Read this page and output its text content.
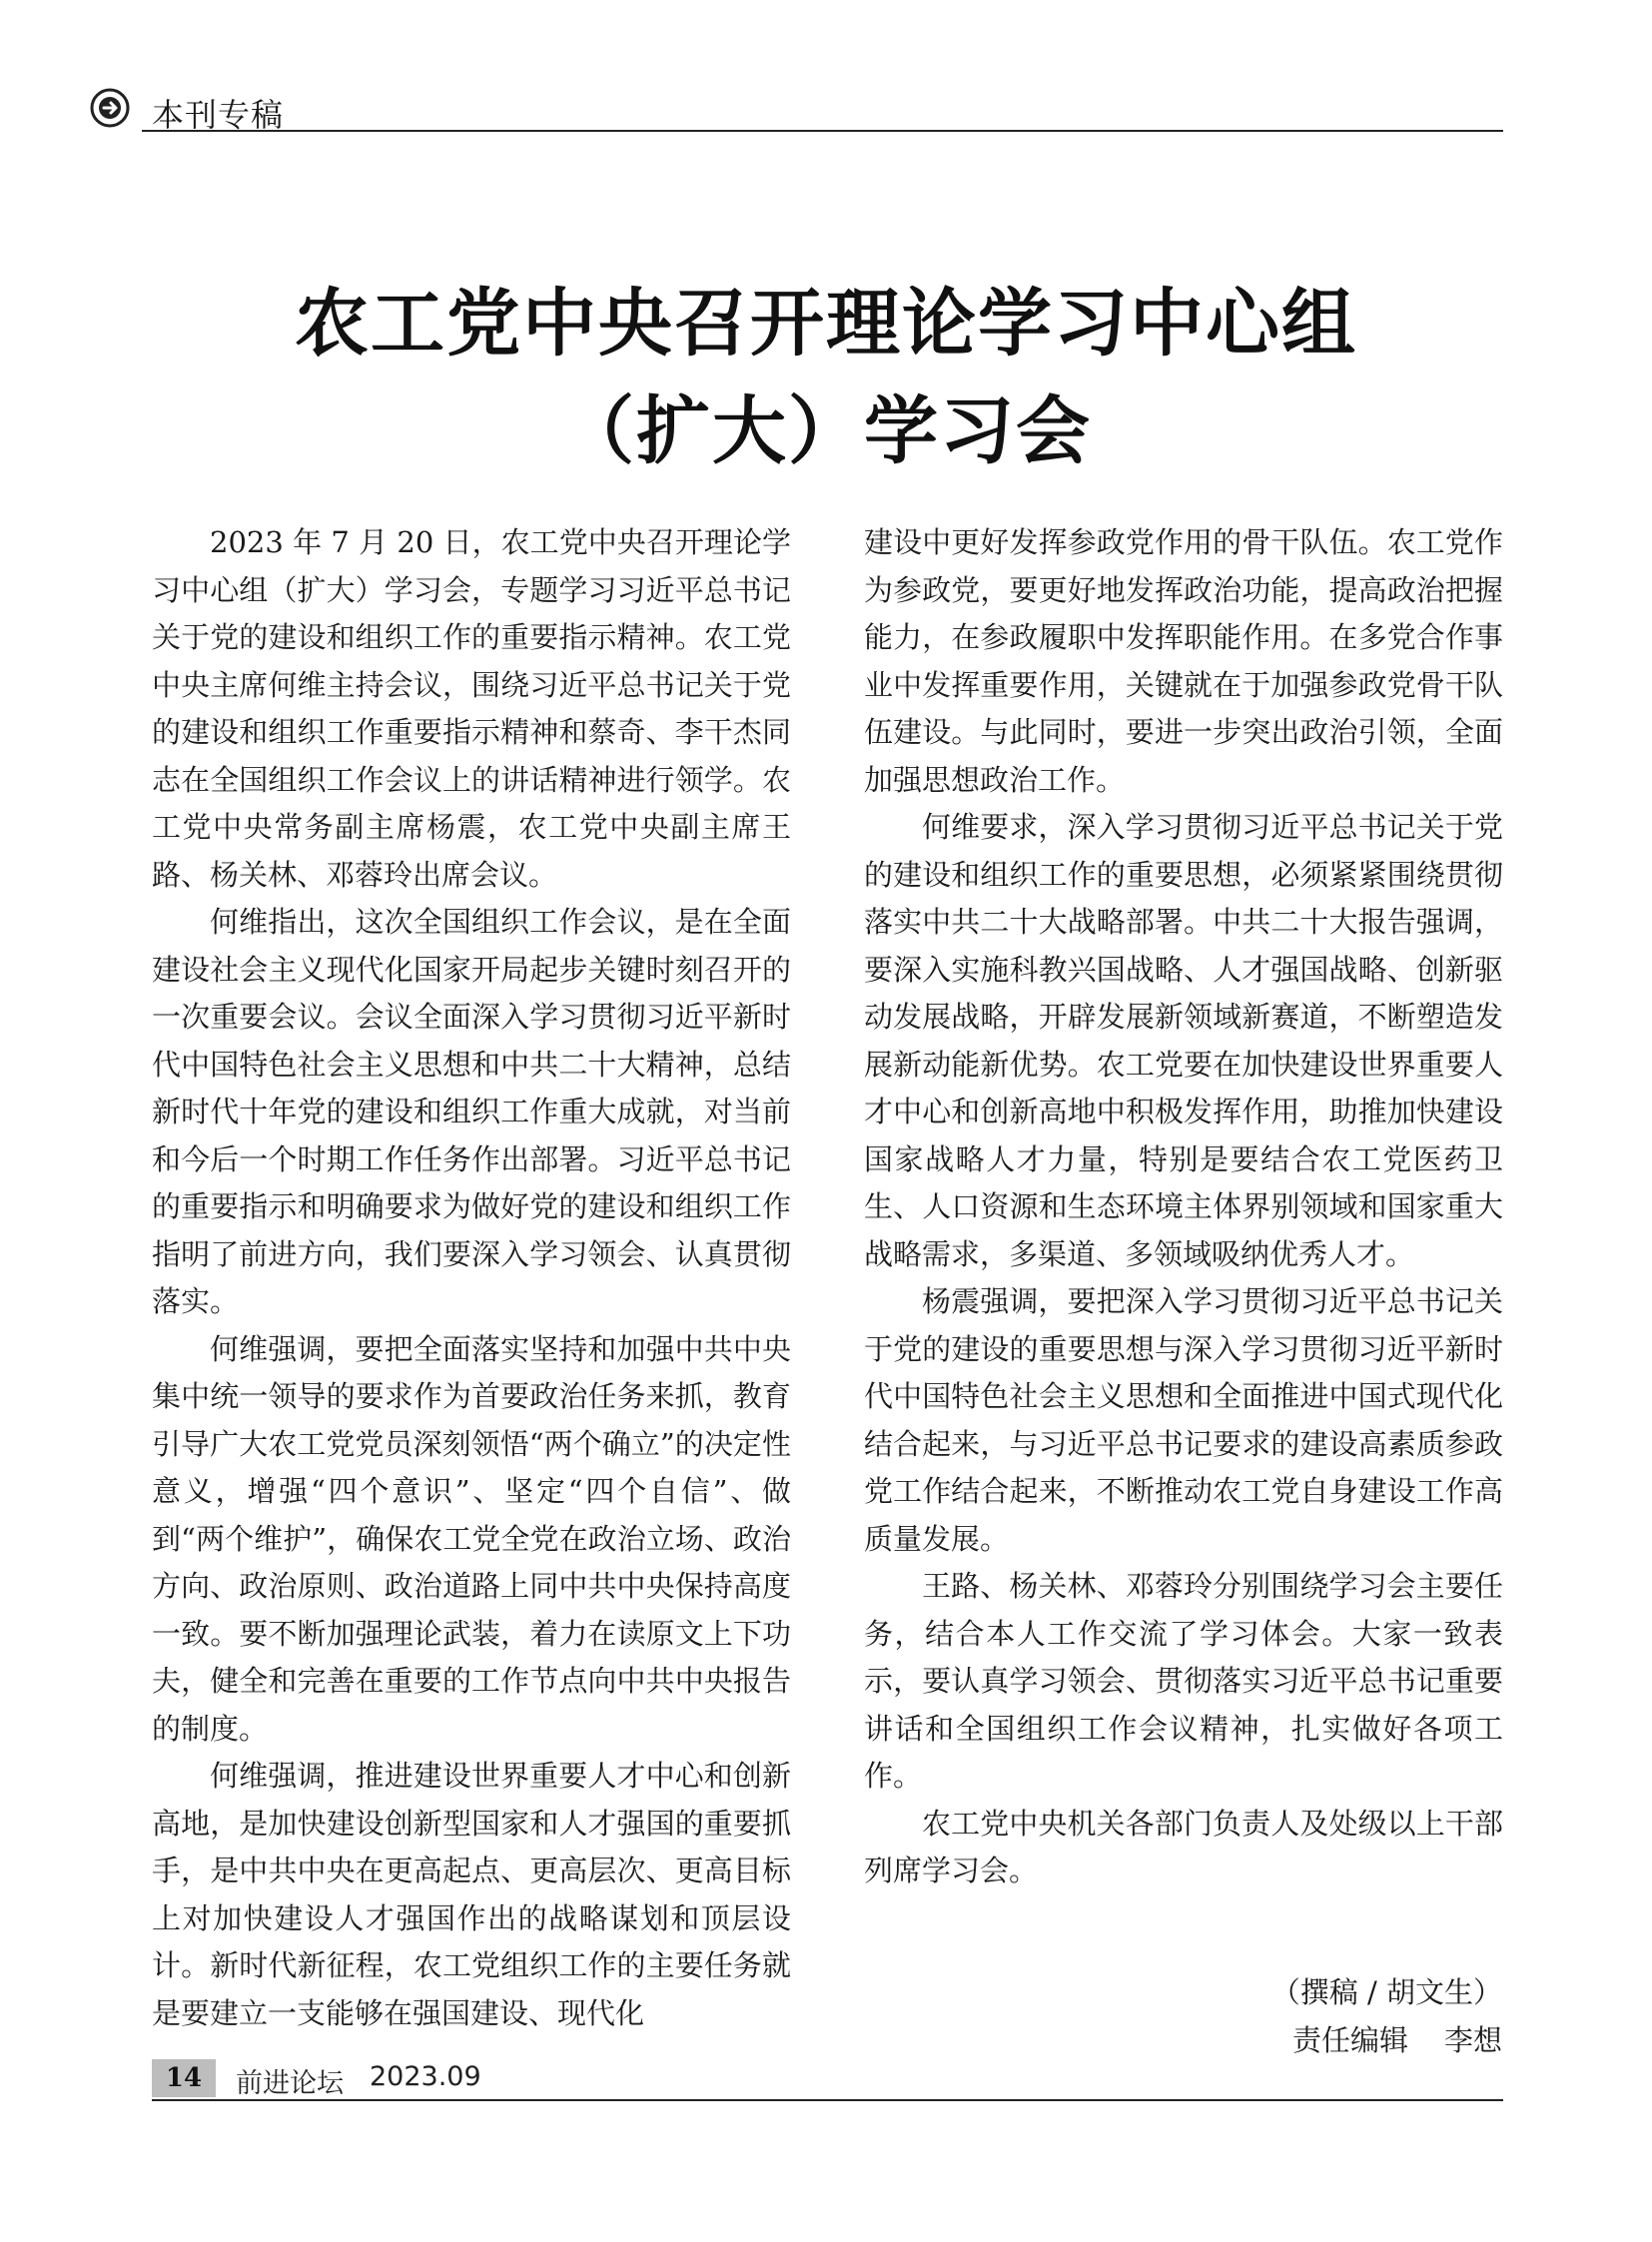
本刊专稿
农工党中央召开理论学习中心组
（扩大）学习会

2023 年 7 月 20 日，农工党中央召开理论学习中心组（扩大）学习会，专题学习习近平总书记关于党的建设和组织工作的重要指示精神。农工党中央主席何维主持会议，围绕习近平总书记关于党的建设和组织工作重要指示精神和蔡奇、李干杰同志在全国组织工作会议上的讲话精神进行领学。农工党中央常务副主席杨震，农工党中央副主席王路、杨关林、邓蓉玲出席会议。

何维指出，这次全国组织工作会议，是在全面建设社会主义现代化国家开局起步关键时刻召开的一次重要会议。会议全面深入学习贯彻习近平新时代中国特色社会主义思想和中共二十大精神，总结新时代十年党的建设和组织工作重大成就，对当前和今后一个时期工作任务作出部署。习近平总书记的重要指示和明确要求为做好党的建设和组织工作指明了前进方向，我们要深入学习领会、认真贯彻落实。

何维强调，要把全面落实坚持和加强中共中央集中统一领导的要求作为首要政治任务来抓，教育引导广大农工党党员深刻领悟“两个确立”的决定性意义，增强“四个意识”、坚定“四个自信”、做到“两个维护”，确保农工党全党在政治立场、政治方向、政治原则、政治道路上同中共中央保持高度一致。要不断加强理论武装，着力在读原文上下功夫，健全和完善在重要的工作节点向中共中央报告的制度。

何维强调，推进建设世界重要人才中心和创新高地，是加快建设创新型国家和人才强国的重要抓手，是中共中央在更高起点、更高层次、更高目标上对加快建设人才强国作出的战略谋划和顶层设计。新时代新征程，农工党组织工作的主要任务就是要建立一支能够在强国建设、现代化

建设中更好发挥参政党作用的骨干队伍。农工党作为参政党，要更好地发挥政治功能，提高政治把握能力，在参政履职中发挥职能作用。在多党合作事业中发挥重要作用，关键就在于加强参政党骨干队伍建设。与此同时，要进一步突出政治引领，全面加强思想政治工作。

何维要求，深入学习贯彻习近平总书记关于党的建设和组织工作的重要思想，必须紧紧围绕贯彻落实中共二十大战略部署。中共二十大报告强调，要深入实施科教兴国战略、人才强国战略、创新驱动发展战略，开辟发展新领域新赛道，不断塑造发展新动能新优势。农工党要在加快建设世界重要人才中心和创新高地中积极发挥作用，助推加快建设国家战略人才力量，特别是要结合农工党医药卫生、人口资源和生态环境主体界别领域和国家重大战略需求，多渠道、多领域吸纳优秀人才。

杨震强调，要把深入学习贯彻习近平总书记关于党的建设的重要思想与深入学习贯彻习近平新时代中国特色社会主义思想和全面推进中国式现代化结合起来，与习近平总书记要求的建设高素质参政党工作结合起来，不断推动农工党自身建设工作高质量发展。

王路、杨关林、邓蓉玲分别围绕学习会主要任务，结合本人工作交流了学习体会。大家一致表示，要认真学习领会、贯彻落实习近平总书记重要讲话和全国组织工作会议精神，扎实做好各项工作。

农工党中央机关各部门负责人及处级以上干部列席学习会。

（撰稿 / 胡文生）
责任编辑 李想
14	前进论坛 2023.09
